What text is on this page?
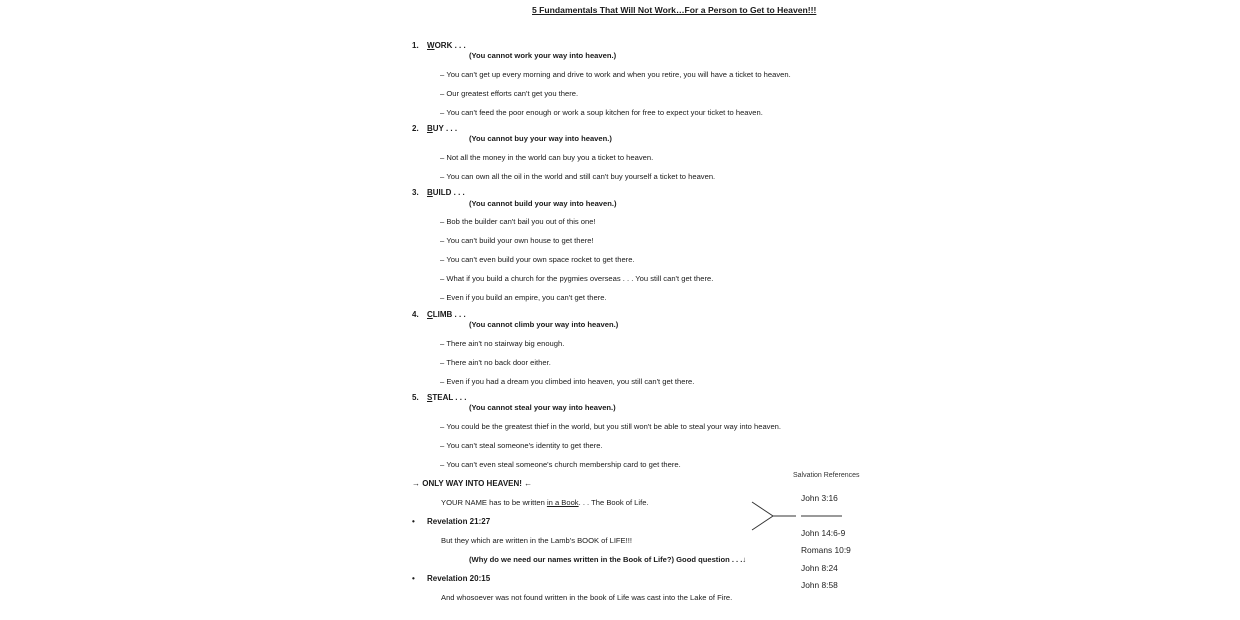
5 Fundamentals That Will Not Work…For a Person to Get to Heaven!!!
1. WORK . . .
(You cannot work your way into heaven.)
– You can't get up every morning and drive to work and when you retire, you will have a ticket to heaven.
– Our greatest efforts can't get you there.
– You can't feed the poor enough or work a soup kitchen for free to expect your ticket to heaven.
2. BUY . . .
(You cannot buy your way into heaven.)
– Not all the money in the world can buy you a ticket to heaven.
– You can own all the oil in the world and still can't buy yourself a ticket to heaven.
3. BUILD . . .
(You cannot build your way into heaven.)
– Bob the builder can't bail you out of this one!
– You can't build your own house to get there!
– You can't even build your own space rocket to get there.
– What if you build a church for the pygmies overseas . . . You still can't get there.
– Even if you build an empire, you can't get there.
4. CLIMB . . .
(You cannot climb your way into heaven.)
– There ain't no stairway big enough.
– There ain't no back door either.
– Even if you had a dream you climbed into heaven, you still can't get there.
5. STEAL . . .
(You cannot steal your way into heaven.)
– You could be the greatest thief in the world, but you still won't be able to steal your way into heaven.
– You can't steal someone's identity to get there.
– You can't even steal someone's church membership card to get there.
→ ONLY WAY INTO HEAVEN! ←
YOUR NAME has to be written in a Book. . . The Book of Life.
• Revelation 21:27
But they which are written in the Lamb's BOOK of LIFE!!!
(Why do we need our names written in the Book of Life?) Good question . . .↓
• Revelation 20:15
And whosoever was not found written in the book of Life was cast into the Lake of Fire.
Salvation References
John 3:16
John 14:6-9
Romans 10:9
John 8:24
John 8:58
